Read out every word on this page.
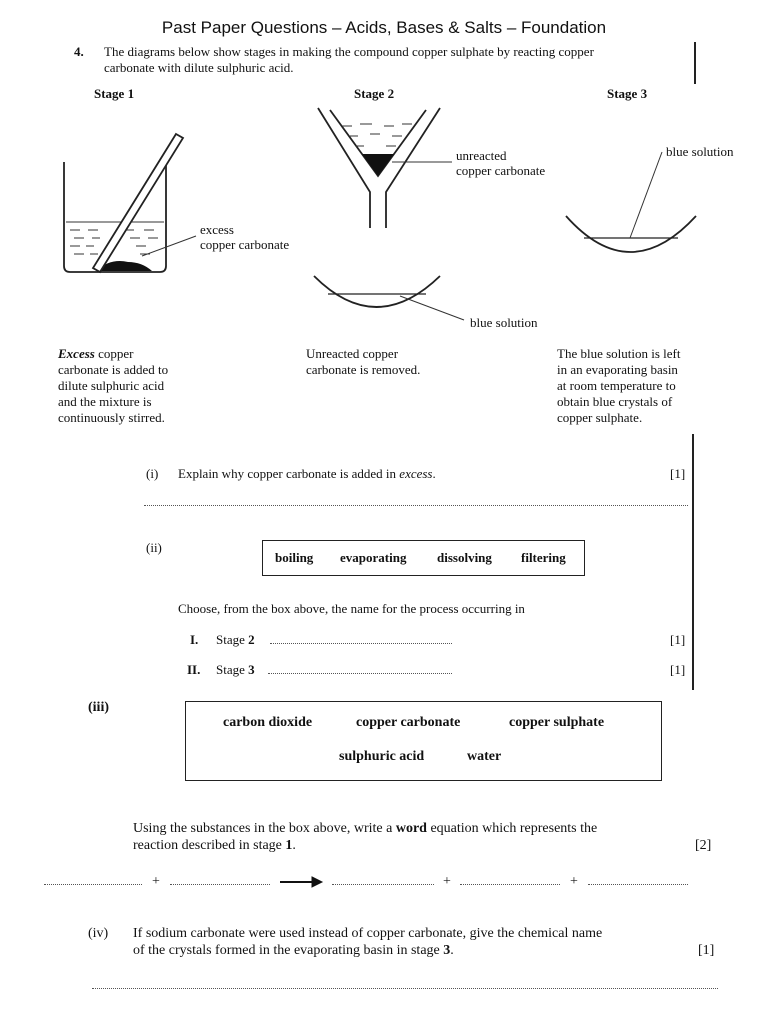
Past Paper Questions – Acids, Bases & Salts – Foundation
4. The diagrams below show stages in making the compound copper sulphate by reacting copper
carbonate with dilute sulphuric acid.
Stage 1	Stage 2	Stage 3
excess
copper carbonate
unreacted
copper carbonate
blue solution
blue solution
Excess copper
carbonate is added to
dilute sulphuric acid
and the mixture is
continuously stirred.
Unreacted copper
carbonate is removed.
The blue solution is left
in an evaporating basin
at room temperature to
obtain blue crystals of
copper sulphate.
(i) Explain why copper carbonate is added in excess.	[1]
(ii)
boiling evaporating dissolving filtering
Choose, from the box above, the name for the process occurring in
I. Stage 2	[1]
II. Stage 3	[1]
(iii)
carbon dioxide	copper carbonate	copper sulphate
sulphuric acid	water
Using the substances in the box above, write a word equation which represents the
reaction described in stage 1.	[2]
+	+	+
(iv) If sodium carbonate were used instead of copper carbonate, give the chemical name
of the crystals formed in the evaporating basin in stage 3.	[1]
